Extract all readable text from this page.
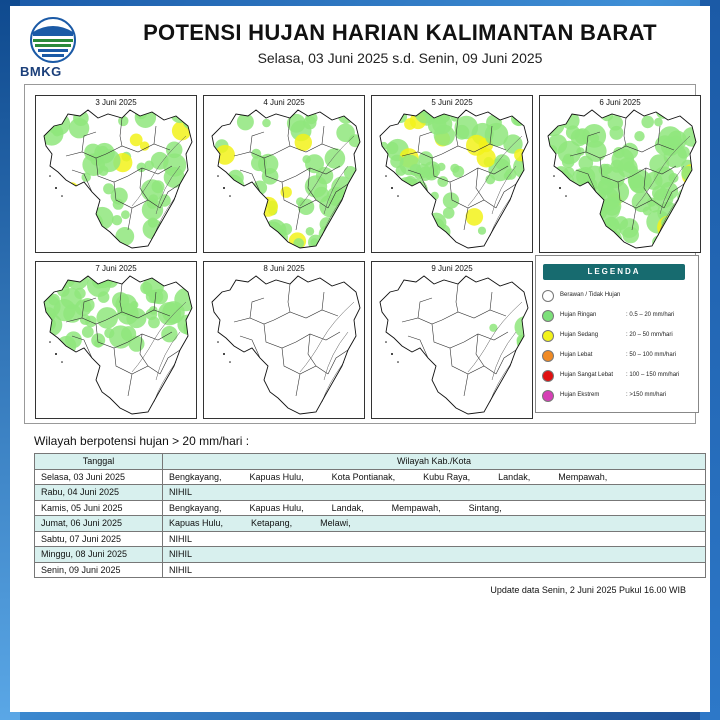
BMKG
POTENSI HUJAN HARIAN KALIMANTAN BARAT
Selasa, 03 Juni 2025 s.d. Senin, 09 Juni 2025
3 Juni 2025	4 Juni 2025	5 Juni 2025	6 Juni 2025
7 Juni 2025	8 Juni 2025	9 Juni 2025	LEGENDA
Berawan / Tidak Hujan
Hujan Ringan	: 0.5 – 20 mm/hari
Hujan Sedang	: 20 – 50 mm/hari
Hujan Lebat	: 50 – 100 mm/hari
Hujan Sangat Lebat : 100 – 150 mm/hari
Hujan Ekstrem	: >150 mm/hari
Wilayah berpotensi hujan > 20 mm/hari :
Tanggal	Wilayah Kab./Kota
Selasa, 03 Juni 2025	Bengkayang, Kapuas Hulu, Kota Pontianak, Kubu Raya, Landak, Mempawah,
Rabu, 04 Juni 2025	NIHIL
Kamis, 05 Juni 2025	Bengkayang, Kapuas Hulu, Landak, Mempawah, Sintang,
Jumat, 06 Juni 2025	Kapuas Hulu, Ketapang, Melawi,
Sabtu, 07 Juni 2025	NIHIL
Minggu, 08 Juni 2025	NIHIL
Senin, 09 Juni 2025	NIHIL
Update data Senin, 2 Juni 2025 Pukul 16.00 WIB
